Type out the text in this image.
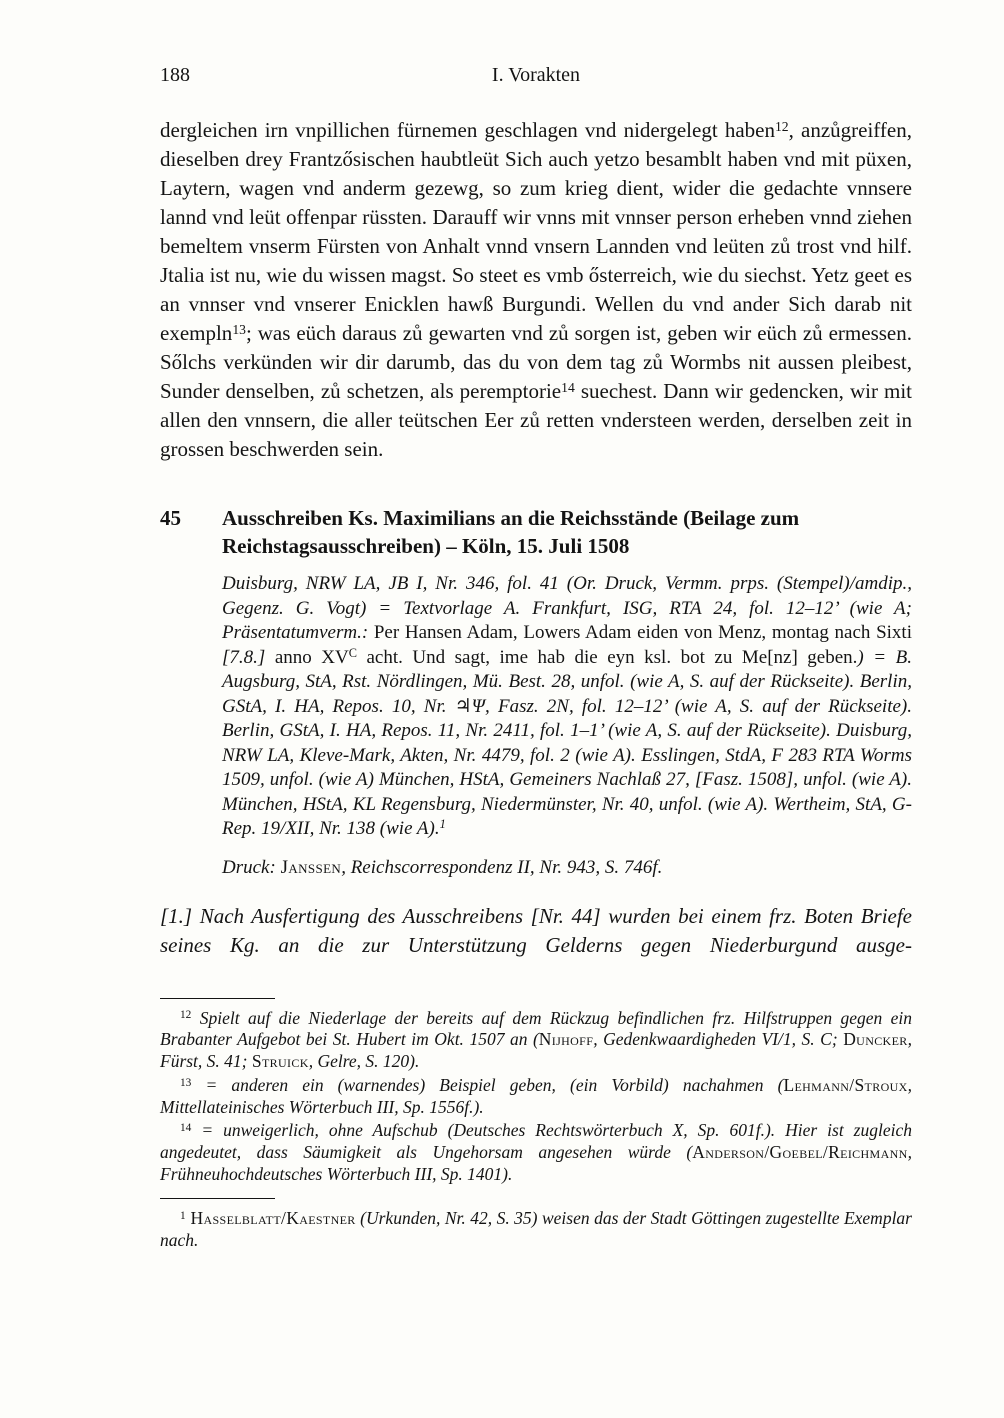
188	I. Vorakten

dergleichen irn vnpillichen fürnemen geschlagen vnd nidergelegt haben$^{12}$, anzůgreiffen, dieselben drey Frantzősischen haubtleüt Sich auch yetzo besamblt haben vnd mit püxen, Laytern, wagen vnd anderm gezewg, so zum krieg dient, wider die gedachte vnnsere lannd vnd leüt offenpar rüssten. Darauff wir vnns mit vnnser person erheben vnnd ziehen bemeltem vnserm Fürsten von Anhalt vnnd vnsern Lannden vnd leüten zů trost vnd hilf. Jtalia ist nu, wie du wissen magst. So steet es vmb ősterreich, wie du siechst. Yetz geet es an vnnser vnd vnserer Enicklen hawß Burgundi. Wellen du vnd ander Sich darab nit exempln$^{13}$; was eüch daraus zů gewarten vnd zů sorgen ist, geben wir eüch zů ermessen. Sőlchs verkünden wir dir darumb, das du von dem tag zů Wormbs nit aussen pleibest, Sunder denselben, zů schetzen, als peremptorie$^{14}$ suechest. Dann wir gedencken, wir mit allen den vnnsern, die aller teütschen Eer zů retten vndersteen werden, derselben zeit in grossen beschwerden sein.

45 Ausschreiben Ks. Maximilians an die Reichsstände (Beilage zum Reichstagsausschreiben) – Köln, 15. Juli 1508

Duisburg, NRW LA, JB I, Nr. 346, fol. 41 (Or. Druck, Vermm. prps. (Stempel)/amdip., Gegenz. G. Vogt) = Textvorlage A. Frankfurt, ISG, RTA 24, fol. 12–12’ (wie A; Präsentatumverm.: Per Hansen Adam, Lowers Adam eiden von Menz, montag nach Sixti [7.8.] anno $XV^C$ acht. Und sagt, ime hab die eyn ksl. bot zu Me[nz] geben.) = B. Augsburg, StA, Rst. Nördlingen, Mü. Best. 28, unfol. (wie A, S. auf der Rückseite). Berlin, GStA, I. HA, Repos. 10, Nr. ♃Ψ, Fasz. 2N, fol. 12–12’ (wie A, S. auf der Rückseite). Berlin, GStA, I. HA, Repos. 11, Nr. 2411, fol. 1–1’ (wie A, S. auf der Rückseite). Duisburg, NRW LA, Kleve-Mark, Akten, Nr. 4479, fol. 2 (wie A). Esslingen, StdA, F 283 RTA Worms 1509, unfol. (wie A) München, HStA, Gemeiners Nachlaß 27, [Fasz. 1508], unfol. (wie A). München, HStA, KL Regensburg, Niedermünster, Nr. 40, unfol. (wie A). Wertheim, StA, G-Rep. 19/XII, Nr. 138 (wie A).$^1$

Druck: Janssen, Reichscorrespondenz II, Nr. 943, S. 746f.

[1.] Nach Ausfertigung des Ausschreibens [Nr. 44] wurden bei einem frz. Boten Briefe seines Kg. an die zur Unterstützung Gelderns gegen Niederburgund ausge-

$^{12}$ Spielt auf die Niederlage der bereits auf dem Rückzug befindlichen frz. Hilfstruppen gegen ein Brabanter Aufgebot bei St. Hubert im Okt. 1507 an (Nijhoff, Gedenkwaardigheden VI/1, S. C; Duncker, Fürst, S. 41; Struick, Gelre, S. 120).

$^{13}$ = anderen ein (warnendes) Beispiel geben, (ein Vorbild) nachahmen (Lehmann/Stroux, Mittellateinisches Wörterbuch III, Sp. 1556f.).

$^{14}$ = unweigerlich, ohne Aufschub (Deutsches Rechtswörterbuch X, Sp. 601f.). Hier ist zugleich angedeutet, dass Säumigkeit als Ungehorsam angesehen würde (Anderson/Goebel/Reichmann, Frühneuhochdeutsches Wörterbuch III, Sp. 1401).

$^1$ Hasselblatt/Kaestner (Urkunden, Nr. 42, S. 35) weisen das der Stadt Göttingen zugestellte Exemplar nach.
